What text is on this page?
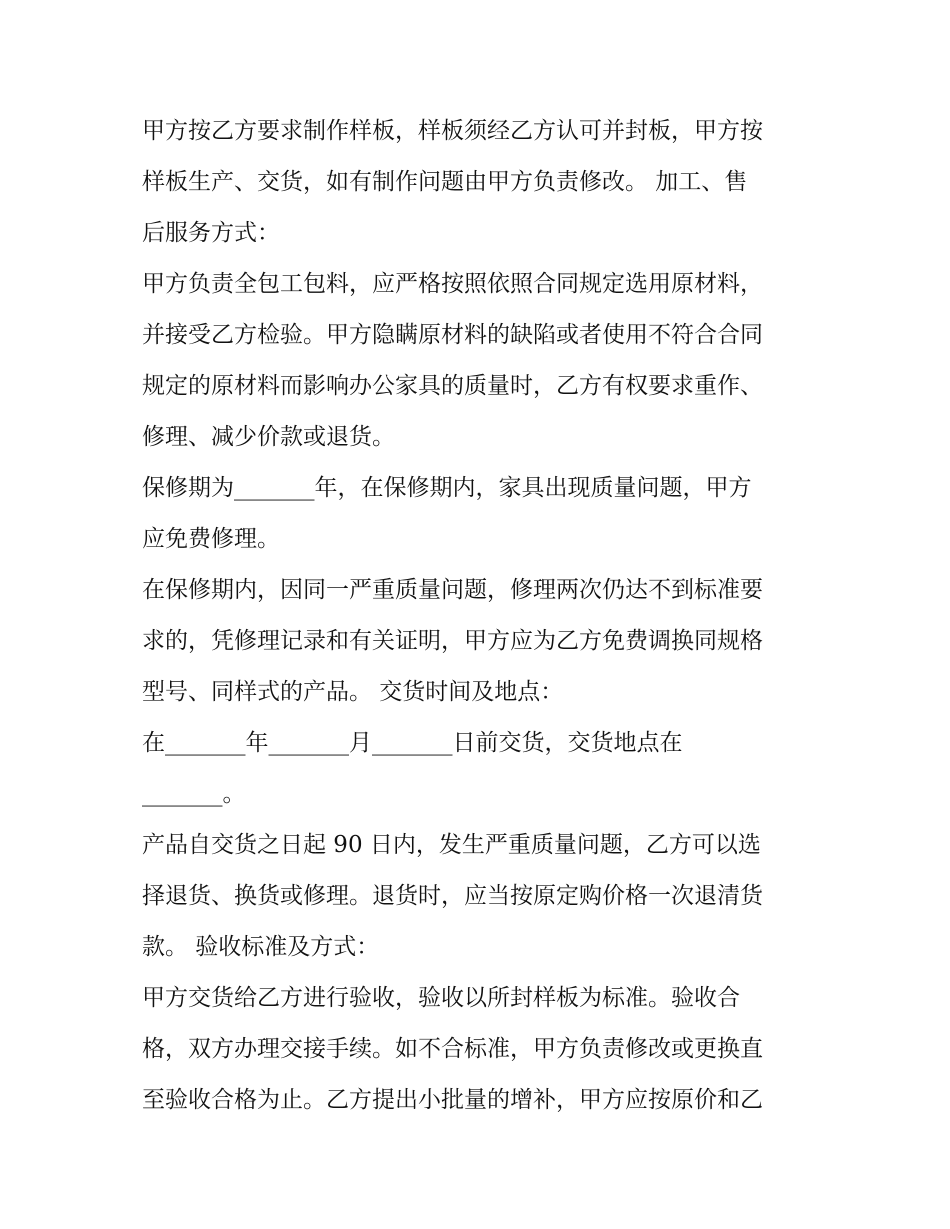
甲方按乙方要求制作样板，样板须经乙方认可并封板，甲方按
样板生产、交货，如有制作问题由甲方负责修改。 加工、售
后服务方式：
甲方负责全包工包料，应严格按照依照合同规定选用原材料，
并接受乙方检验。甲方隐瞒原材料的缺陷或者使用不符合合同
规定的原材料而影响办公家具的质量时，乙方有权要求重作、
修理、减少价款或退货。
保修期为_______年，在保修期内，家具出现质量问题，甲方
应免费修理。
在保修期内，因同一严重质量问题，修理两次仍达不到标准要
求的，凭修理记录和有关证明，甲方应为乙方免费调换同规格
型号、同样式的产品。 交货时间及地点：
在_______年_______月_______日前交货，交货地点在
_______。
产品自交货之日起 90 日内，发生严重质量问题，乙方可以选
择退货、换货或修理。退货时，应当按原定购价格一次退清货
款。 验收标准及方式：
甲方交货给乙方进行验收，验收以所封样板为标准。验收合
格，双方办理交接手续。如不合标准，甲方负责修改或更换直
至验收合格为止。乙方提出小批量的增补，甲方应按原价和乙
